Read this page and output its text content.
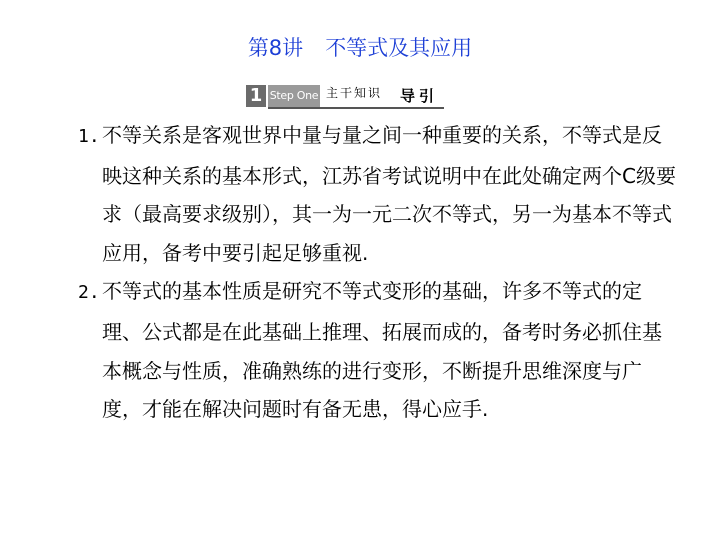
第8讲 不等式及其应用
1 Step One 主干知识 导引

1. 不等关系是客观世界中量与量之间一种重要的关系，不等式是反映这种关系的基本形式，江苏省考试说明中在此处确定两个C级要求（最高要求级别），其一为一元二次不等式，另一为基本不等式应用，备考中要引起足够重视.

2. 不等式的基本性质是研究不等式变形的基础，许多不等式的定理、公式都是在此基础上推理、拓展而成的，备考时务必抓住基本概念与性质，准确熟练的进行变形，不断提升思维深度与广度，才能在解决问题时有备无患，得心应手.
